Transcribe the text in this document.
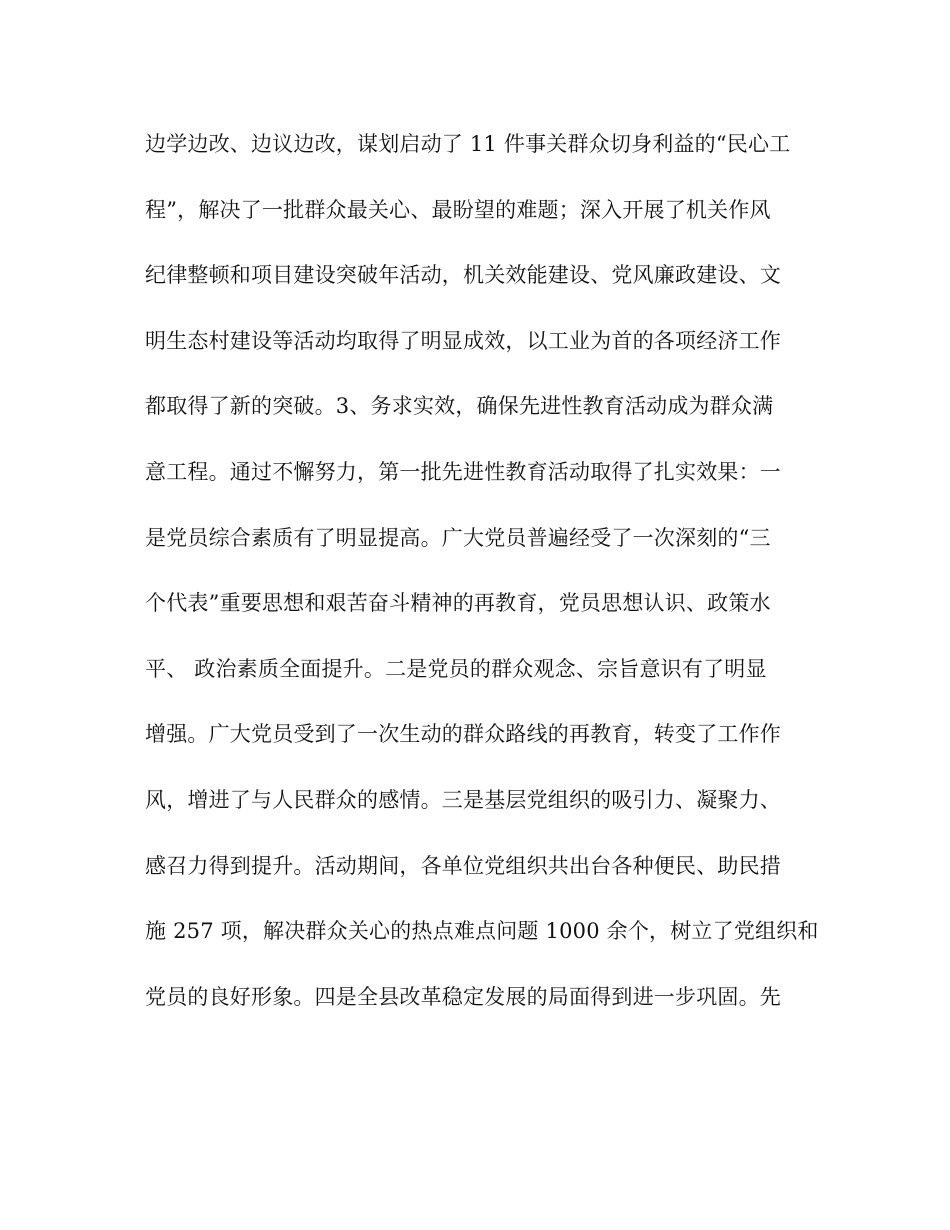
边学边改、边议边改，谋划启动了 11 件事关群众切身利益的“民心工
程”，解决了一批群众最关心、最盼望的难题；深入开展了机关作风
纪律整顿和项目建设突破年活动，机关效能建设、党风廉政建设、文
明生态村建设等活动均取得了明显成效，以工业为首的各项经济工作
都取得了新的突破。3、务求实效，确保先进性教育活动成为群众满
意工程。通过不懈努力，第一批先进性教育活动取得了扎实效果：一
是党员综合素质有了明显提高。广大党员普遍经受了一次深刻的“三
个代表”重要思想和艰苦奋斗精神的再教育，党员思想认识、政策水
平、 政治素质全面提升。二是党员的群众观念、宗旨意识有了明显
增强。广大党员受到了一次生动的群众路线的再教育，转变了工作作
风，增进了与人民群众的感情。三是基层党组织的吸引力、凝聚力、
感召力得到提升。活动期间，各单位党组织共出台各种便民、助民措
施 257 项，解决群众关心的热点难点问题 1000 余个，树立了党组织和
党员的良好形象。四是全县改革稳定发展的局面得到进一步巩固。先
